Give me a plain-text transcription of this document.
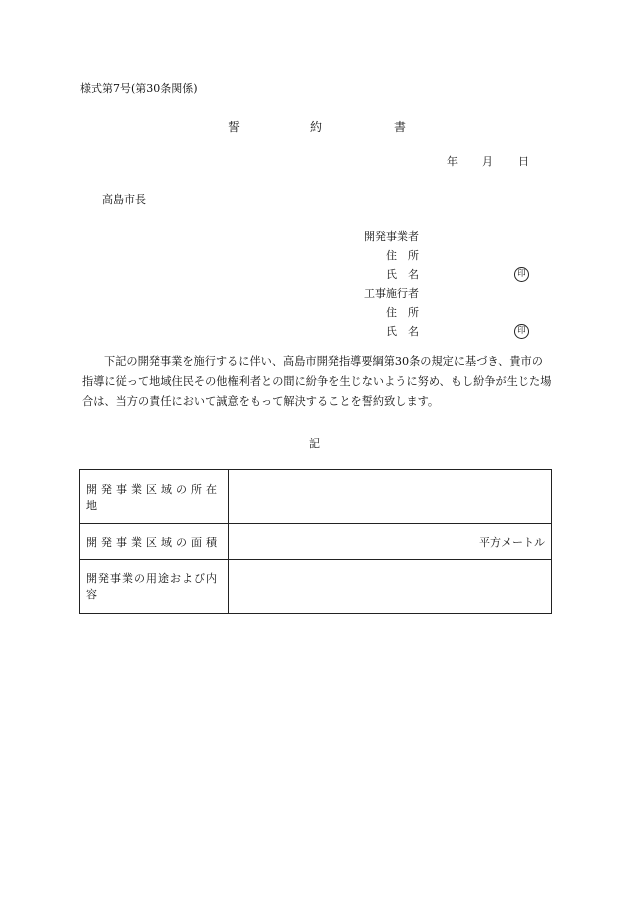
様式第7号(第30条関係)
誓	約	書
年 月 日
高島市長
開発事業者
住　所
氏　名	印
工事施行者
住　所
氏　名	印
下記の開発事業を施行するに伴い、高島市開発指導要綱第30条の規定に基づき、貴市の指導に従って地域住民その他権利者との間に紛争を生じないように努め、もし紛争が生じた場合は、当方の責任において誠意をもって解決することを誓約致します。
記
開発事業区域の所在地	
開発事業区域の面積	平方メートル
開発事業の用途および内容	
